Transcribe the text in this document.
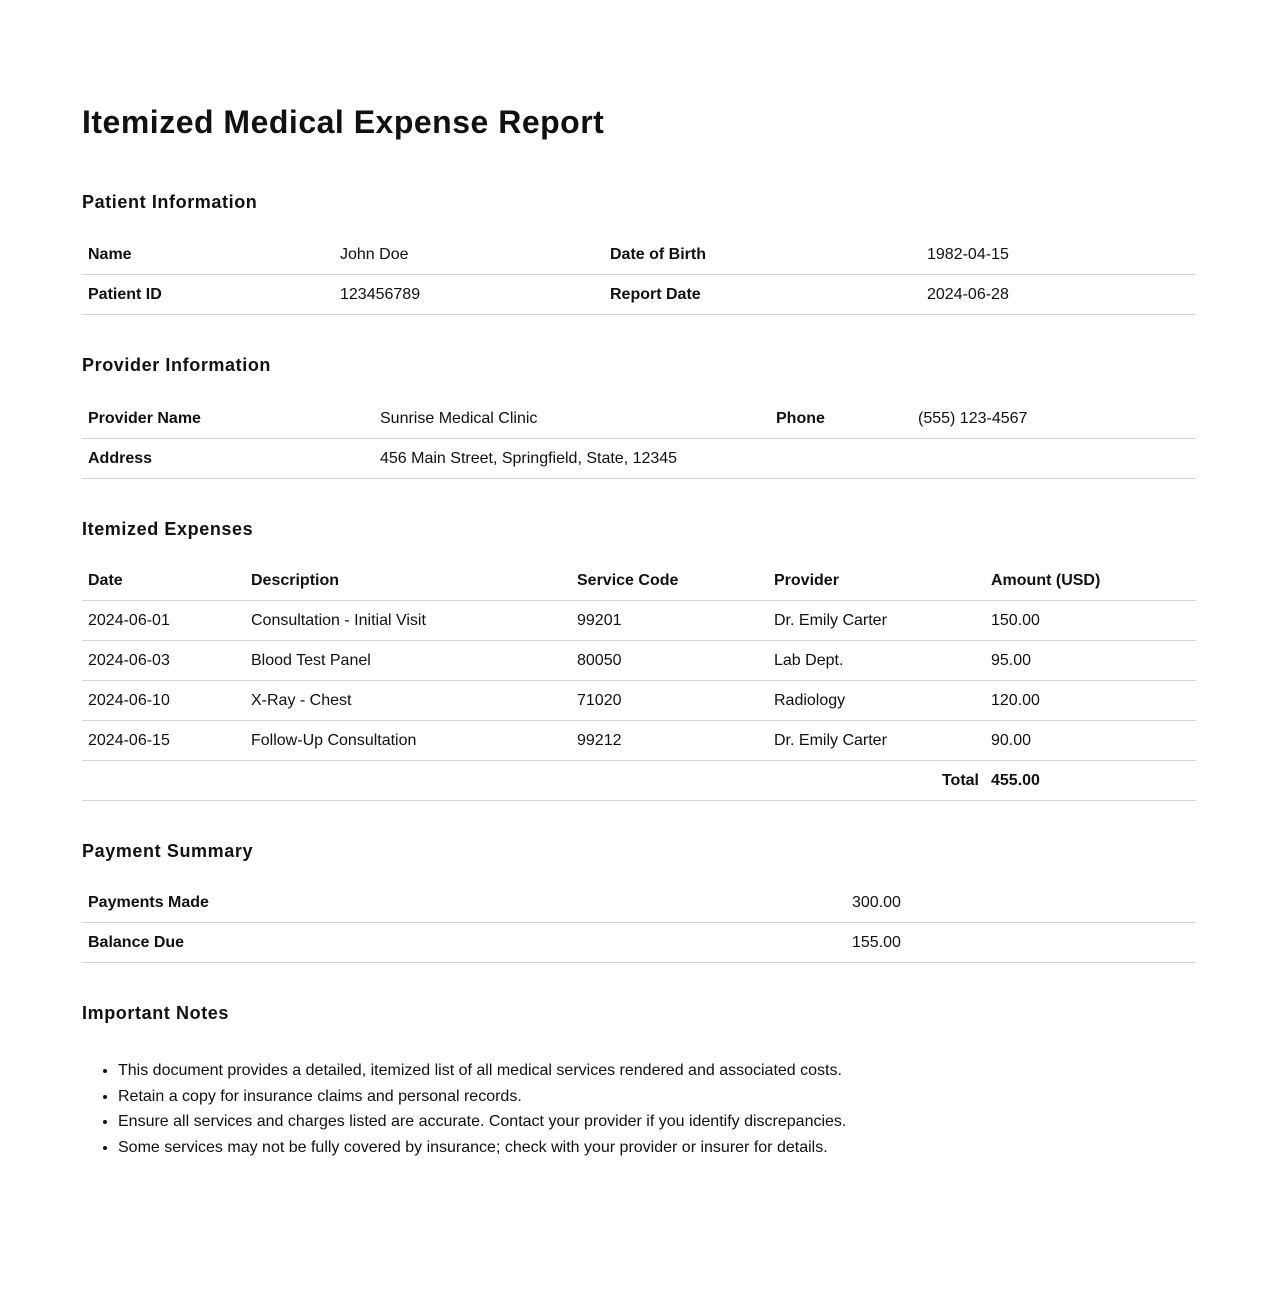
Itemized Medical Expense Report
Patient Information
Name	John Doe	Date of Birth	1982-04-15
Patient ID	123456789	Report Date	2024-06-28
Provider Information
Provider Name	Sunrise Medical Clinic	Phone	(555) 123-4567
Address	456 Main Street, Springfield, State, 12345		
Itemized Expenses
Date	Description	Service Code	Provider	Amount (USD)
2024-06-01	Consultation - Initial Visit	99201	Dr. Emily Carter	150.00
2024-06-03	Blood Test Panel	80050	Lab Dept.	95.00
2024-06-10	X-Ray - Chest	71020	Radiology	120.00
2024-06-15	Follow-Up Consultation	99212	Dr. Emily Carter	90.00
Total				455.00
Payment Summary
Payments Made	300.00
Balance Due	155.00
Important Notes
• This document provides a detailed, itemized list of all medical services rendered and associated costs.
• Retain a copy for insurance claims and personal records.
• Ensure all services and charges listed are accurate. Contact your provider if you identify discrepancies.
• Some services may not be fully covered by insurance; check with your provider or insurer for details.
